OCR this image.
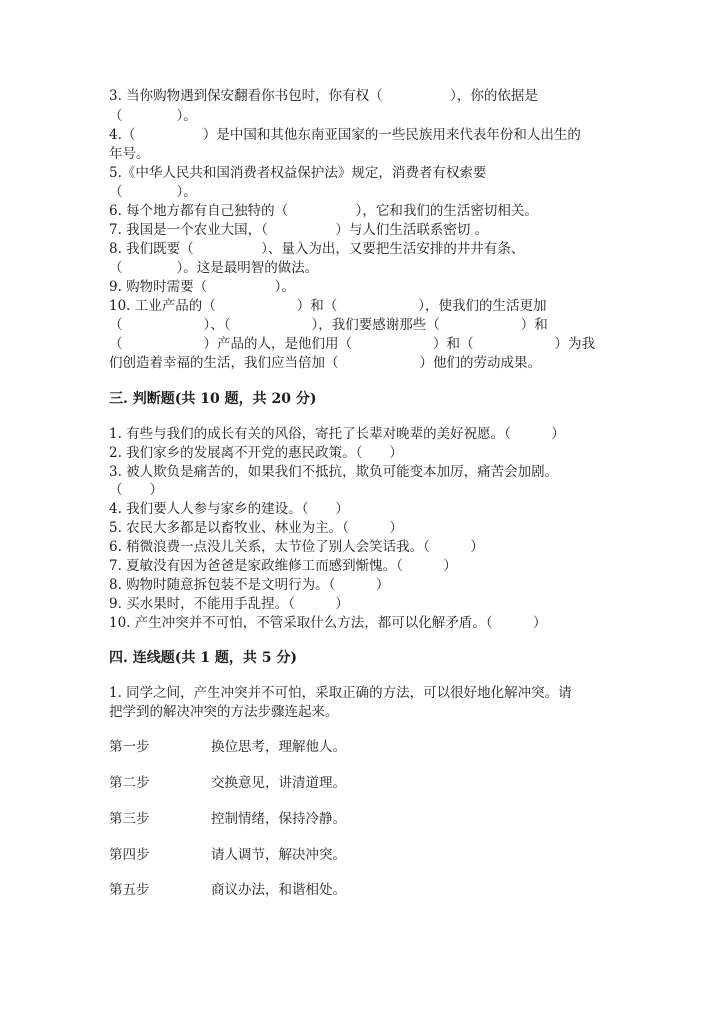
3. 当你购物遇到保安翻看你书包时，你有权（　　　　　），你的依据是
（　　　　）。
4.（　　　　　）是中国和其他东南亚国家的一些民族用来代表年份和人出生的
年号。
5.《中华人民共和国消费者权益保护法》规定，消费者有权索要
（　　　　）。
6. 每个地方都有自己独特的（　　　　　），它和我们的生活密切相关。
7. 我国是一个农业大国，（　　　　　）与人们生活联系密切 。
8. 我们既要（　　　　　）、量入为出，又要把生活安排的井井有条、
（　　　　）。这是最明智的做法。
9. 购物时需要（　　　　　）。
10. 工业产品的（　　　　　　）和（　　　　　　），使我们的生活更加
（　　　　　　）、（　　　　　　），我们要感谢那些（　　　　　　）和
（　　　　　　）产品的人，是他们用（　　　　　　）和（　　　　　　）为我
们创造着幸福的生活，我们应当倍加（　　　　　　）他们的劳动成果。
三. 判断题(共 10 题，共 20 分)
1. 有些与我们的成长有关的风俗，寄托了长辈对晚辈的美好祝愿。（　　　）
2. 我们家乡的发展离不开党的惠民政策。（　　）
3. 被人欺负是痛苦的，如果我们不抵抗，欺负可能变本加厉，痛苦会加剧。
（　　）
4. 我们要人人参与家乡的建设。（　　）
5. 农民大多都是以畜牧业、林业为主。（　　　）
6. 稍微浪费一点没儿关系，太节俭了别人会笑话我。（　　　）
7. 夏敏没有因为爸爸是家政维修工而感到惭愧。（　　　）
8. 购物时随意拆包装不是文明行为。（　　　）
9. 买水果时，不能用手乱捏。（　　　）
10. 产生冲突并不可怕，不管采取什么方法，都可以化解矛盾。（　　　）
四. 连线题(共 1 题，共 5 分)
1. 同学之间，产生冲突并不可怕，采取正确的方法，可以很好地化解冲突。请
把学到的解决冲突的方法步骤连起来。
第一步	换位思考，理解他人。
第二步	交换意见，讲清道理。
第三步	控制情绪，保持冷静。
第四步	请人调节，解决冲突。
第五步	商议办法，和谐相处。
